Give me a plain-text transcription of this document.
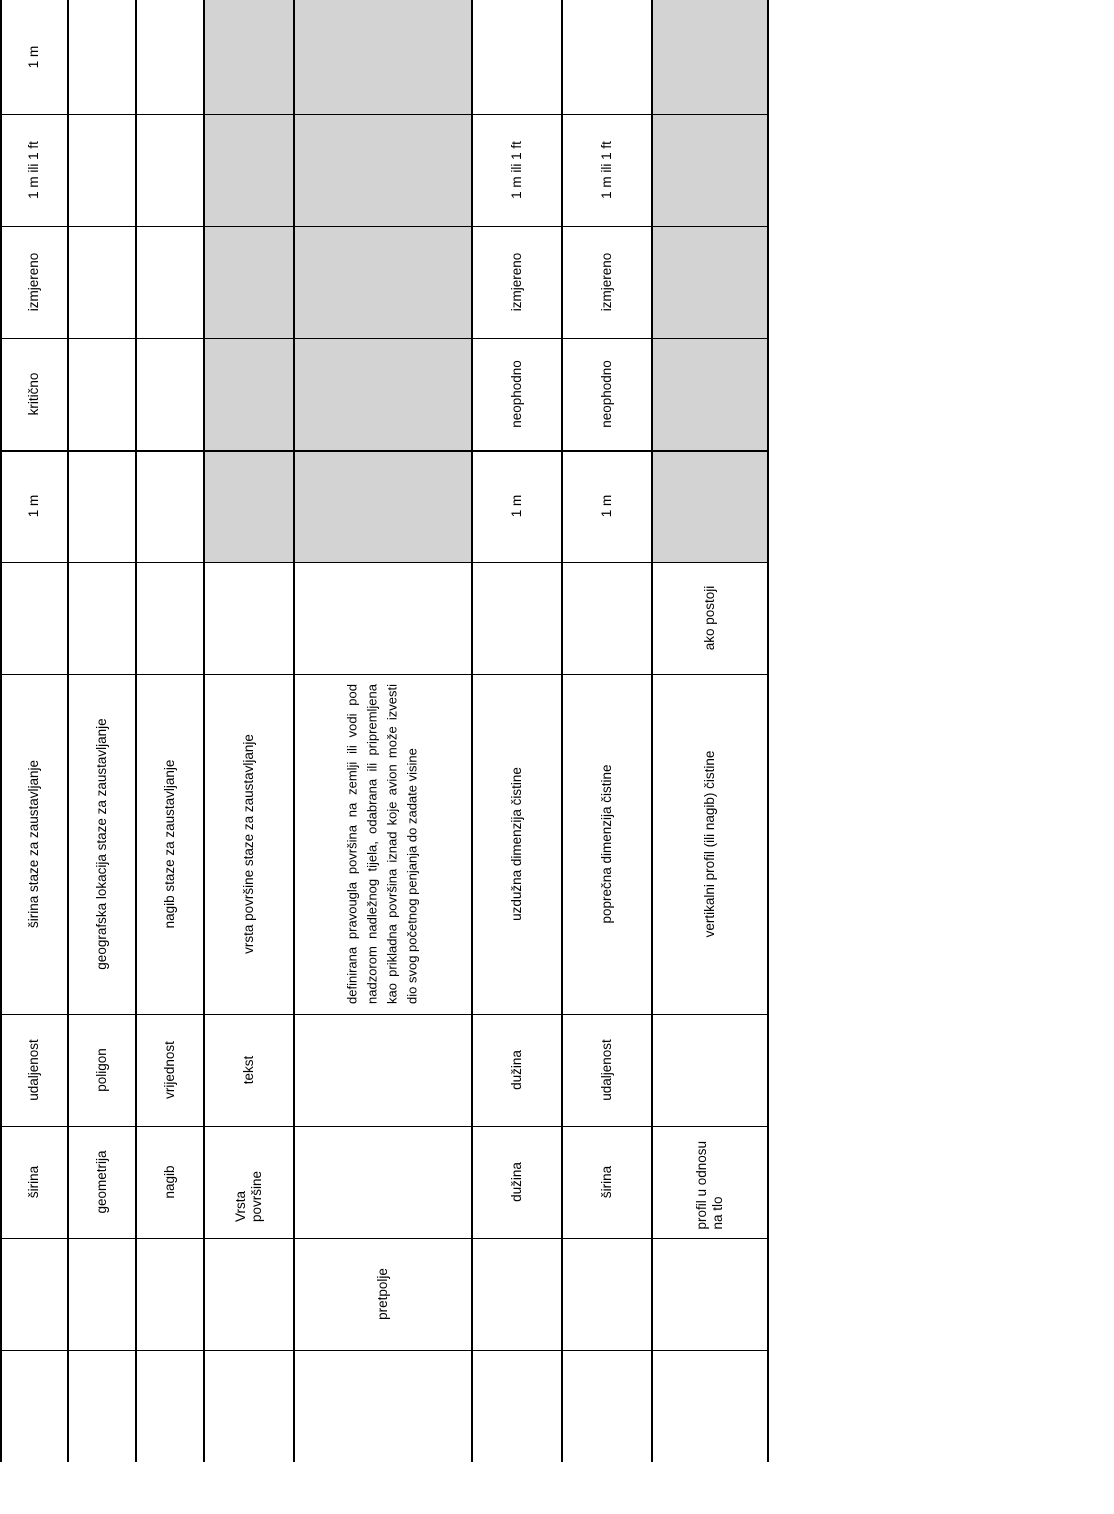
širina
udaljenost
širina staze za zaustavljanje
1 m
kritično
izmjereno
1 m ili 1 ft
1 m
geometrija
poligon
geografska lokacija staze za zaustavljanje
nagib
vrijednost
nagib staze za zaustavljanje
Vrsta površine
tekst
vrsta površine staze za zaustavljanje
pretpolje
definirana pravougla površina na zemlji ili vodi pod nadzorom nadležnog tijela, odabrana ili pripremljena kao prikladna površina iznad koje avion može izvesti dio svog početnog penjanja do zadate visine
dužina
dužina
uzdužna dimenzija čistine
1 m
neophodno
izmjereno
1 m ili 1 ft
širina
udaljenost
poprečna dimenzija čistine
1 m
neophodno
izmjereno
1 m ili 1 ft
profil u odnosu na tlo
vertikalni profil (ili nagib) čistine
ako postoji
